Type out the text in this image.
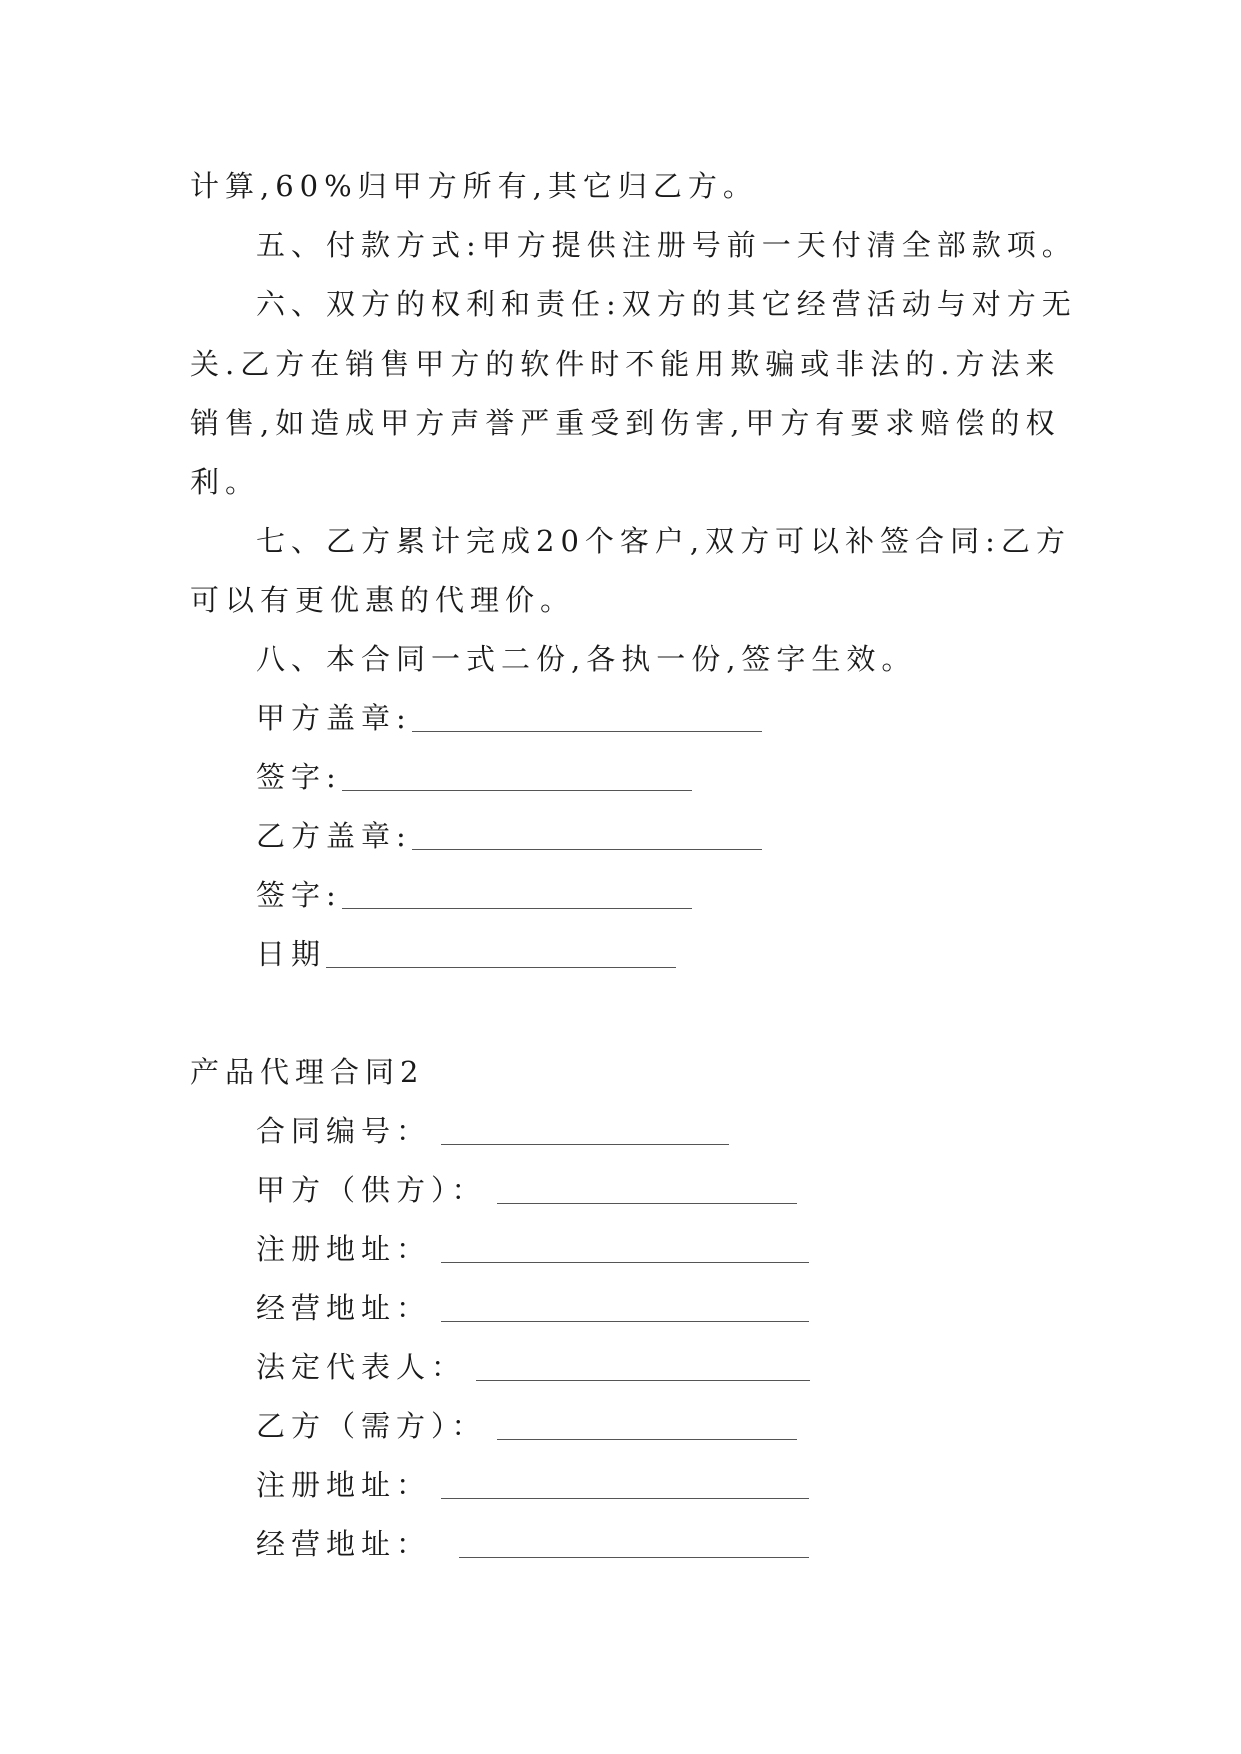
计算,60%归甲方所有,其它归乙方。
五、付款方式:甲方提供注册号前一天付清全部款项。
六、双方的权利和责任:双方的其它经营活动与对方无
关.乙方在销售甲方的软件时不能用欺骗或非法的.方法来
销售,如造成甲方声誉严重受到伤害,甲方有要求赔偿的权
利。
七、乙方累计完成20个客户,双方可以补签合同:乙方
可以有更优惠的代理价。
八、本合同一式二份,各执一份,签字生效。
甲方盖章:
签字:
乙方盖章:
签字:
日期
产品代理合同2
合同编号：
甲方（供方）：
注册地址：
经营地址：
法定代表人：
乙方（需方）：
注册地址：
经营地址：
